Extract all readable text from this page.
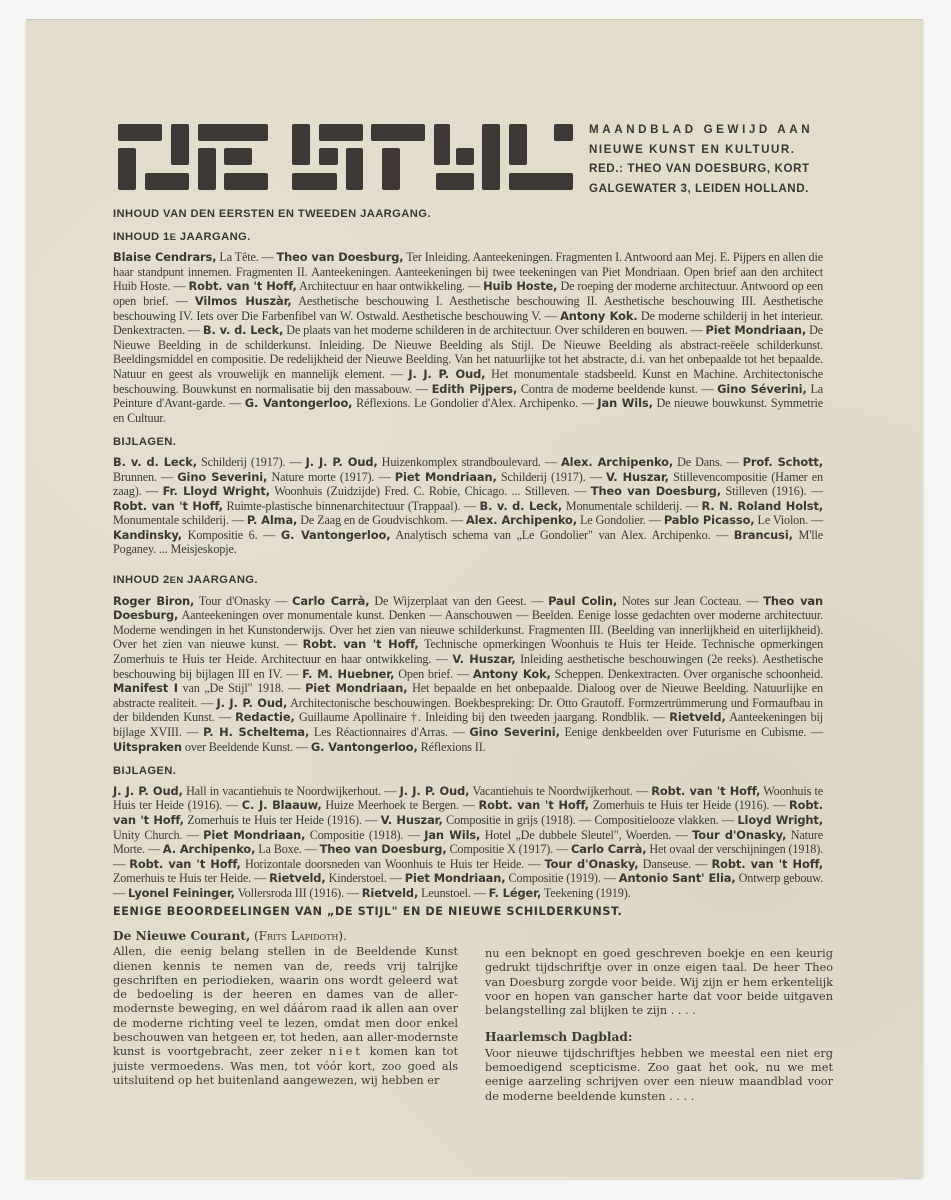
MAANDBLAD GEWIJD AAN
NIEUWE KUNST EN KULTUUR.
RED.: THEO VAN DOESBURG, KORT
GALGEWATER 3, LEIDEN HOLLAND.
INHOUD VAN DEN EERSTEN EN TWEEDEN JAARGANG.
INHOUD 1E JAARGANG.

Blaise Cendrars, La Tête. — Theo van Doesburg, Ter Inleiding. Aanteekeningen. Fragmenten I. Antwoord aan Mej. E. Pijpers en allen die haar standpunt innemen. Fragmenten II. Aanteekeningen. Aanteekeningen bij twee teekeningen van Piet Mondriaan. Open brief aan den architect Huib Hoste. — Robt. van 't Hoff, Architectuur en haar ontwikkeling. — Huib Hoste, De roeping der moderne architectuur. Antwoord op een open brief. — Vilmos Huszàr, Aesthetische beschouwing I. Aesthetische beschouwing II. Aesthetische beschouwing III. Aesthetische beschouwing IV. Iets over Die Farbenfibel van W. Ostwald. Aesthetische beschouwing V. — Antony Kok. De moderne schilderij in het interieur. Denkextracten. — B. v. d. Leck, De plaats van het moderne schilderen in de architectuur. Over schilderen en bouwen. — Piet Mondriaan, De Nieuwe Beelding in de schilderkunst. Inleiding. De Nieuwe Beelding als Stijl. De Nieuwe Beelding als abstract-reëele schilderkunst. Beeldingsmiddel en compositie. De redelijkheid der Nieuwe Beelding. Van het natuurlijke tot het abstracte, d.i. van het onbepaalde tot het bepaalde. Natuur en geest als vrouwelijk en mannelijk element. — J. J. P. Oud, Het monumentale stadsbeeld. Kunst en Machine. Architectonische beschouwing. Bouwkunst en normalisatie bij den massabouw. — Edith Pijpers, Contra de moderne beeldende kunst. — Gino Séverini, La Peinture d'Avant-garde. — G. Vantongerloo, Réflexions. Le Gondolier d'Alex. Archipenko. — Jan Wils, De nieuwe bouwkunst. Symmetrie en Cultuur.

BIJLAGEN.

B. v. d. Leck, Schilderij (1917). — J. J. P. Oud, Huizenkomplex strandboulevard. — Alex. Archipenko, De Dans. — Prof. Schott, Brunnen. — Gino Severini, Nature morte (1917). — Piet Mondriaan, Schilderij (1917). — V. Huszar, Stillevencompositie (Hamer en zaag). — Fr. Lloyd Wright, Woonhuis (Zuidzijde) Fred. C. Robie, Chicago. ... Stilleven. — Theo van Doesburg, Stilleven (1916). — Robt. van 't Hoff, Ruimte-plastische binnenarchitectuur (Trappaal). — B. v. d. Leck, Monumentale schilderij. — R. N. Roland Holst, Monumentale schilderij. — P. Alma, De Zaag en de Goudvischkom. — Alex. Archipenko, Le Gondolier. — Pablo Picasso, Le Violon. — Kandinsky, Kompositie 6. — G. Vantongerloo, Analytisch schema van „Le Gondolier" van Alex. Archipenko. — Brancusi, M'lle Poganey. ... Meisjeskopje.

INHOUD 2EN JAARGANG.

Roger Biron, Tour d'Onasky — Carlo Carrà, De Wijzerplaat van den Geest. — Paul Colin, Notes sur Jean Cocteau. — Theo van Doesburg, Aanteekeningen over monumentale kunst. Denken — Aanschouwen — Beelden. Eenige losse gedachten over moderne architectuur. Moderne wendingen in het Kunstonderwijs. Over het zien van nieuwe schilderkunst. Fragmenten III. (Beelding van innerlijkheid en uiterlijkheid). Over het zien van nieuwe kunst. — Robt. van 't Hoff, Technische opmerkingen Woonhuis te Huis ter Heide. Technische opmerkingen Zomerhuis te Huis ter Heide. Architectuur en haar ontwikkeling. — V. Huszar, Inleiding aesthetische beschouwingen (2e reeks). Aesthetische beschouwing bij bijlagen III en IV. — F. M. Huebner, Open brief. — Antony Kok, Scheppen. Denkextracten. Over organische schoonheid. Manifest I van „De Stijl" 1918. — Piet Mondriaan, Het bepaalde en het onbepaalde. Dialoog over de Nieuwe Beelding. Natuurlijke en abstracte realiteit. — J. J. P. Oud, Architectonische beschouwingen. Boekbespreking: Dr. Otto Grautoff. Formzertrümmerung und Formaufbau in der bildenden Kunst. — Redactie, Guillaume Apollinaire †. Inleiding bij den tweeden jaargang. Rondblik. — Rietveld, Aanteekeningen bij bijlage XVIII. — P. H. Scheltema, Les Réactionnaires d'Arras. — Gino Severini, Eenige denkbeelden over Futurisme en Cubisme. — Uitspraken over Beeldende Kunst. — G. Vantongerloo, Réflexions II.

BIJLAGEN.

J. J. P. Oud, Hall in vacantiehuis te Noordwijkerhout. — J. J. P. Oud, Vacantiehuis te Noordwijkerhout. — Robt. van 't Hoff, Woonhuis te Huis ter Heide (1916). — C. J. Blaauw, Huize Meerhoek te Bergen. — Robt. van 't Hoff, Zomerhuis te Huis ter Heide (1916). — Robt. van 't Hoff, Zomerhuis te Huis ter Heide (1916). — V. Huszar, Compositie in grijs (1918). — Compositielooze vlakken. — Lloyd Wright, Unity Church. — Piet Mondriaan, Compositie (1918). — Jan Wils, Hotel „De dubbele Sleutel", Woerden. — Tour d'Onasky, Nature Morte. — A. Archipenko, La Boxe. — Theo van Doesburg, Compositie X (1917). — Carlo Carrà, Het ovaal der verschijningen (1918). — Robt. van 't Hoff, Horizontale doorsneden van Woonhuis te Huis ter Heide. — Tour d'Onasky, Danseuse. — Robt. van 't Hoff, Zomerhuis te Huis ter Heide. — Rietveld, Kinderstoel. — Piet Mondriaan, Compositie (1919). — Antonio Sant' Elia, Ontwerp gebouw. — Lyonel Feininger, Vollersroda III (1916). — Rietveld, Leunstoel. — F. Léger, Teekening (1919).

EENIGE BEOORDEELINGEN VAN „DE STIJL" EN DE NIEUWE SCHILDERKUNST.
De Nieuwe Courant, (Frits Lapidoth).

Allen, die eenig belang stellen in de Beeldende Kunst dienen kennis te nemen van de, reeds vrij talrijke geschriften en periodieken, waarin ons wordt geleerd wat de bedoeling is der heeren en dames van de aller-modernste beweging, en wel dáárom raad ik allen aan over de moderne richting veel te lezen, omdat men door enkel beschouwen van hetgeen er, tot heden, aan aller-modernste kunst is voortgebracht, zeer zeker niet komen kan tot juiste vermoedens. Was men, tot vóór kort, zoo goed als uitsluitend op het buitenland aangewezen, wij hebben er

nu een beknopt en goed geschreven boekje en een keurig gedrukt tijdschriftje over in onze eigen taal. De heer Theo van Doesburg zorgde voor beide. Wij zijn er hem erkentelijk voor en hopen van ganscher harte dat voor beide uitgaven belangstelling zal blijken te zijn . . . .

Haarlemsch Dagblad:

Voor nieuwe tijdschriftjes hebben we meestal een niet erg bemoedigend scepticisme. Zoo gaat het ook, nu we met eenige aarzeling schrijven over een nieuw maandblad voor de moderne beeldende kunsten . . . .
